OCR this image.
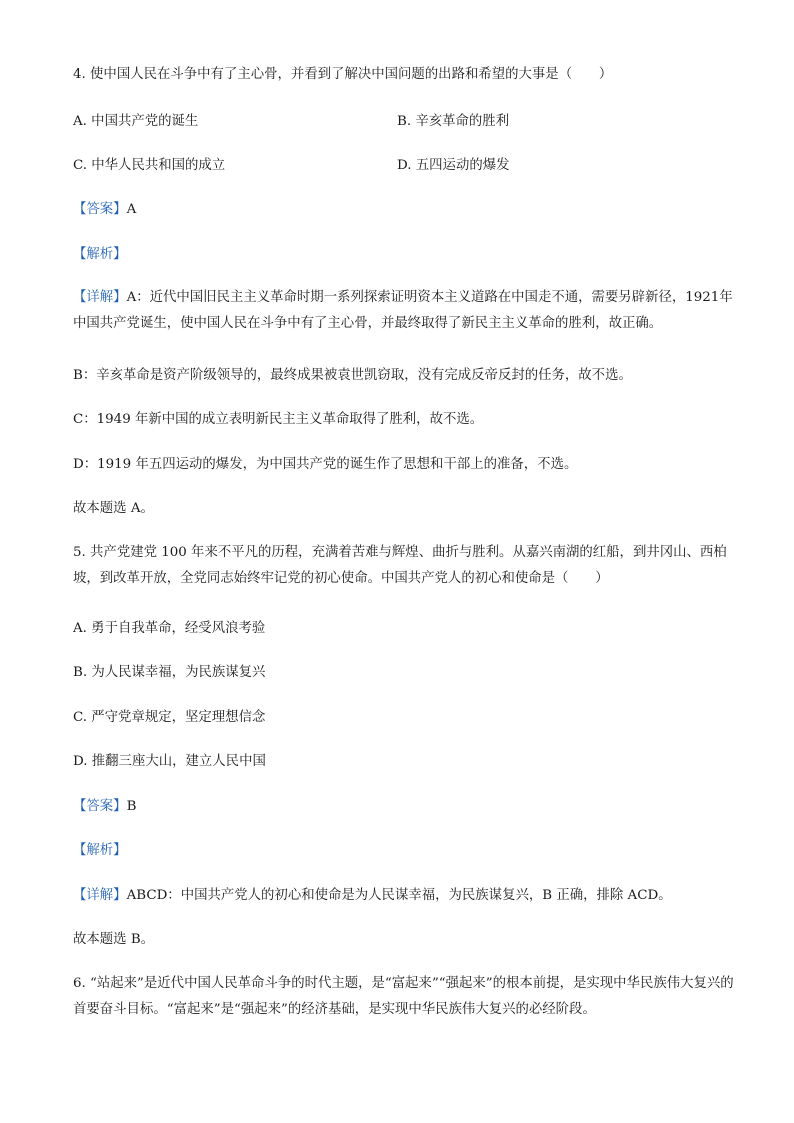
4. 使中国人民在斗争中有了主心骨，并看到了解决中国问题的出路和希望的大事是（　　）
A. 中国共产党的诞生	B. 辛亥革命的胜利
C. 中华人民共和国的成立	D. 五四运动的爆发
【答案】A
【解析】
【详解】A：近代中国旧民主主义革命时期一系列探索证明资本主义道路在中国走不通，需要另辟新径，1921年中国共产党诞生，使中国人民在斗争中有了主心骨，并最终取得了新民主主义革命的胜利，故正确。
B：辛亥革命是资产阶级领导的，最终成果被袁世凯窃取，没有完成反帝反封的任务，故不选。
C：1949 年新中国的成立表明新民主主义革命取得了胜利，故不选。
D：1919 年五四运动的爆发，为中国共产党的诞生作了思想和干部上的准备，不选。
故本题选 A。
5. 共产党建党 100 年来不平凡的历程，充满着苦难与辉煌、曲折与胜利。从嘉兴南湖的红船，到井冈山、西柏坡，到改革开放，全党同志始终牢记党的初心使命。中国共产党人的初心和使命是（　　）
A. 勇于自我革命，经受风浪考验
B. 为人民谋幸福，为民族谋复兴
C. 严守党章规定，坚定理想信念
D. 推翻三座大山，建立人民中国
【答案】B
【解析】
【详解】ABCD：中国共产党人的初心和使命是为人民谋幸福，为民族谋复兴，B 正确，排除 ACD。
故本题选 B。
6. “站起来”是近代中国人民革命斗争的时代主题，是“富起来”“强起来”的根本前提，是实现中华民族伟大复兴的首要奋斗目标。“富起来”是“强起来”的经济基础，是实现中华民族伟大复兴的必经阶段。
